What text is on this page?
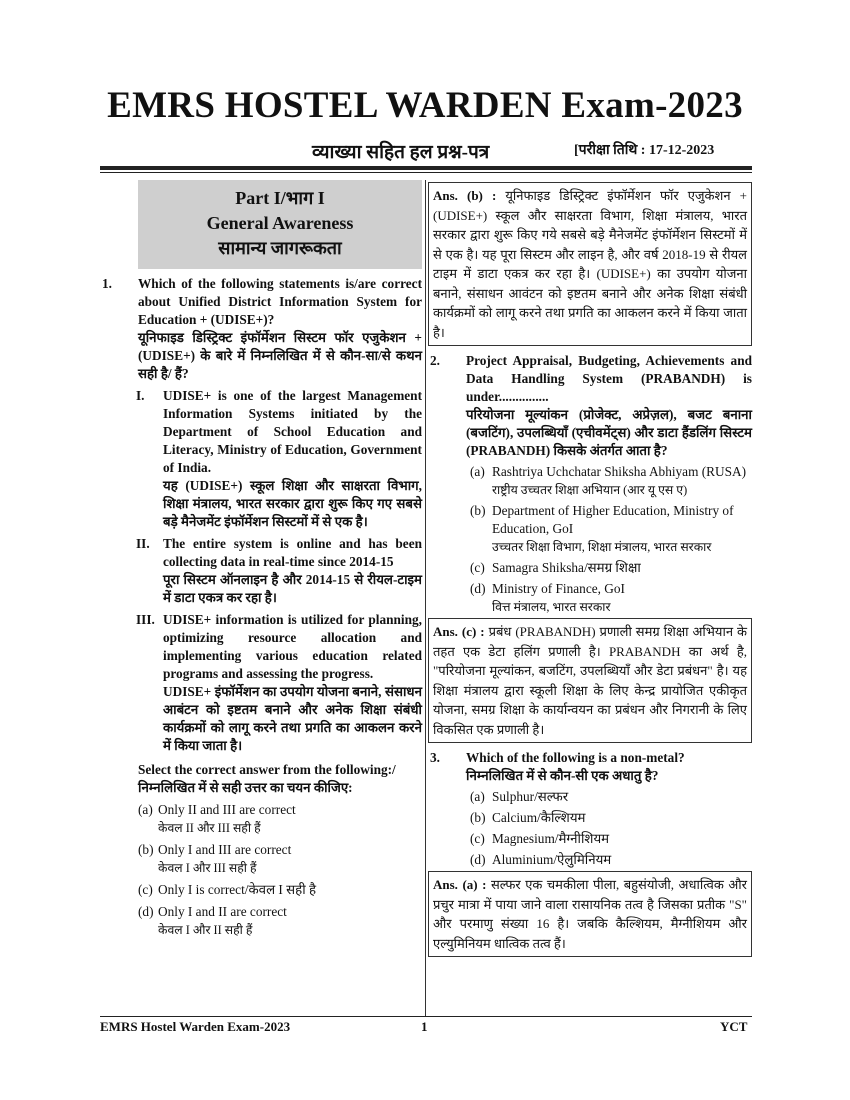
EMRS HOSTEL WARDEN Exam-2023
व्याख्या सहित हल प्रश्न-पत्र	[परीक्षा तिथि : 17-12-2023
Part I/भाग I
General Awareness
सामान्य जागरूकता
1. Which of the following statements is/are correct about Unified District Information System for Education + (UDISE+)?
यूनिफाइड डिस्ट्रिक्ट इंफॉर्मेशन सिस्टम फॉर एजुकेशन + (UDISE+) के बारे में निम्नलिखित में से कौन-सा/से कथन सही है/ हैं?
I. UDISE+ is one of the largest Management Information Systems initiated by the Department of School Education and Literacy, Ministry of Education, Government of India.
यह (UDISE+) स्कूल शिक्षा और साक्षरता विभाग, शिक्षा मंत्रालय, भारत सरकार द्वारा शुरू किए गए सबसे बड़े मैनेजमेंट इंफॉर्मेशन सिस्टमों में से एक है।
II. The entire system is online and has been collecting data in real-time since 2014-15
पूरा सिस्टम ऑनलाइन है और 2014-15 से रीयल-टाइम में डाटा एकत्र कर रहा है।
III. UDISE+ information is utilized for planning, optimizing resource allocation and implementing various education related programs and assessing the progress.
UDISE+ इंफॉर्मेशन का उपयोग योजना बनाने, संसाधन आबंटन को इष्टतम बनाने और अनेक शिक्षा संबंधी कार्यक्रमों को लागू करने तथा प्रगति का आकलन करने में किया जाता है।
Select the correct answer from the following:/
निम्नलिखित में से सही उत्तर का चयन कीजिए:
(a) Only II and III are correct
केवल II और III सही हैं
(b) Only I and III are correct
केवल I और III सही हैं
(c) Only I is correct/केवल I सही है
(d) Only I and II are correct
केवल I और II सही हैं
Ans. (b) : यूनिफाइड डिस्ट्रिक्ट इंफॉर्मेशन फॉर एजुकेशन + (UDISE+) स्कूल और साक्षरता विभाग, शिक्षा मंत्रालय, भारत सरकार द्वारा शुरू किए गये सबसे बड़े मैनेजमेंट इंफॉर्मेशन सिस्टमों में से एक है। यह पूरा सिस्टम और लाइन है, और वर्ष 2018-19 से रीयल टाइम में डाटा एकत्र कर रहा है। (UDISE+) का उपयोग योजना बनाने, संसाधन आवंटन को इष्टतम बनाने और अनेक शिक्षा संबंधी कार्यक्रमों को लागू करने तथा प्रगति का आकलन करने में किया जाता है।
2. Project Appraisal, Budgeting, Achievements and Data Handling System (PRABANDH) is under...............
परियोजना मूल्यांकन (प्रोजेक्ट, अप्रेज़ल), बजट बनाना (बजटिंग), उपलब्धियाँ (एचीवमेंट्स) और डाटा हैंडलिंग सिस्टम (PRABANDH) किसके अंतर्गत आता है?
(a) Rashtriya Uchchatar Shiksha Abhiyam (RUSA)
राष्ट्रीय उच्चतर शिक्षा अभियान (आर यू एस ए)
(b) Department of Higher Education, Ministry of Education, GoI
उच्चतर शिक्षा विभाग, शिक्षा मंत्रालय, भारत सरकार
(c) Samagra Shiksha/समग्र शिक्षा
(d) Ministry of Finance, GoI
वित्त मंत्रालय, भारत सरकार
Ans. (c) : प्रबंध (PRABANDH) प्रणाली समग्र शिक्षा अभियान के तहत एक डेटा हलिंग प्रणाली है। PRABANDH का अर्थ है, "परियोजना मूल्यांकन, बजटिंग, उपलब्धियाँ और डेटा प्रबंधन" है। यह शिक्षा मंत्रालय द्वारा स्कूली शिक्षा के लिए केन्द्र प्रायोजित एकीकृत योजना, समग्र शिक्षा के कार्यान्वयन का प्रबंधन और निगरानी के लिए विकसित एक प्रणाली है।
3. Which of the following is a non-metal?
निम्नलिखित में से कौन-सी एक अधातु है?
(a) Sulphur/सल्फर
(b) Calcium/कैल्शियम
(c) Magnesium/मैग्नीशियम
(d) Aluminium/ऐलुमिनियम
Ans. (a) : सल्फर एक चमकीला पीला, बहुसंयोजी, अधात्विक और प्रचुर मात्रा में पाया जाने वाला रासायनिक तत्व है जिसका प्रतीक "S" और परमाणु संख्या 16 है। जबकि कैल्शियम, मैग्नीशियम और एल्युमिनियम धात्विक तत्व हैं।
EMRS Hostel Warden Exam-2023	1	YCT
